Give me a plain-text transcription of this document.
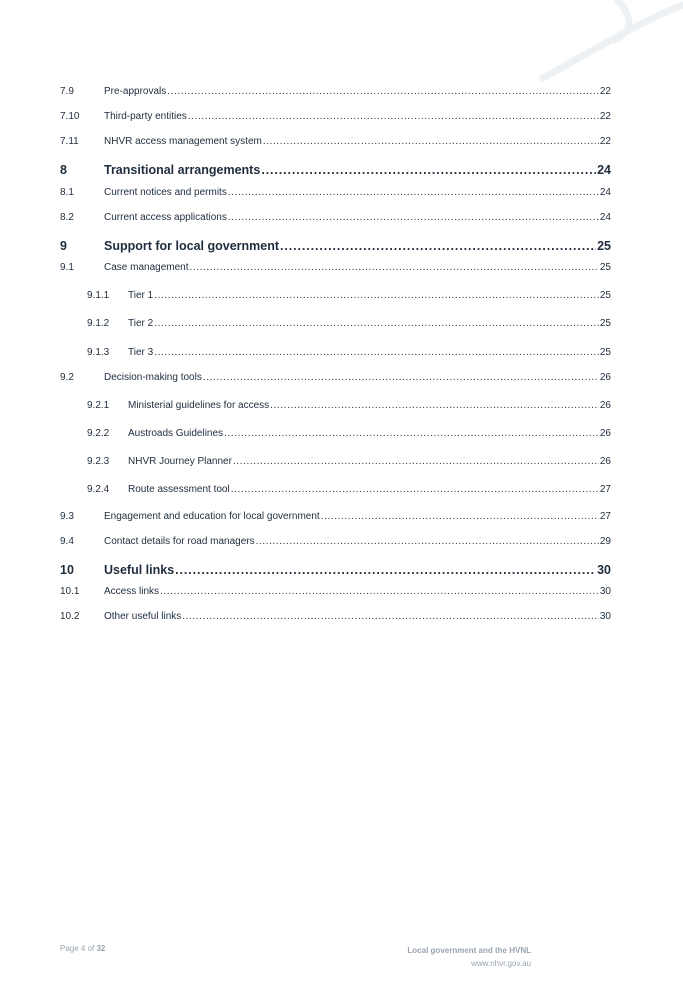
7.9	Pre-approvals .....	22
7.10	Third-party entities .....	22
7.11	NHVR access management system .....	22
8	Transitional arrangements .....	24
8.1	Current notices and permits .....	24
8.2	Current access applications .....	24
9	Support for local government .....	25
9.1	Case management .....	25
9.1.1	Tier 1 .....	25
9.1.2	Tier 2 .....	25
9.1.3	Tier 3 .....	25
9.2	Decision-making tools .....	26
9.2.1	Ministerial guidelines for access .....	26
9.2.2	Austroads Guidelines .....	26
9.2.3	NHVR Journey Planner .....	26
9.2.4	Route assessment tool .....	27
9.3	Engagement and education for local government .....	27
9.4	Contact details for road managers .....	29
10	Useful links .....	30
10.1	Access links .....	30
10.2	Other useful links .....	30
Page 4 of 32	Local government and the HVNL
www.nhvr.gov.au
